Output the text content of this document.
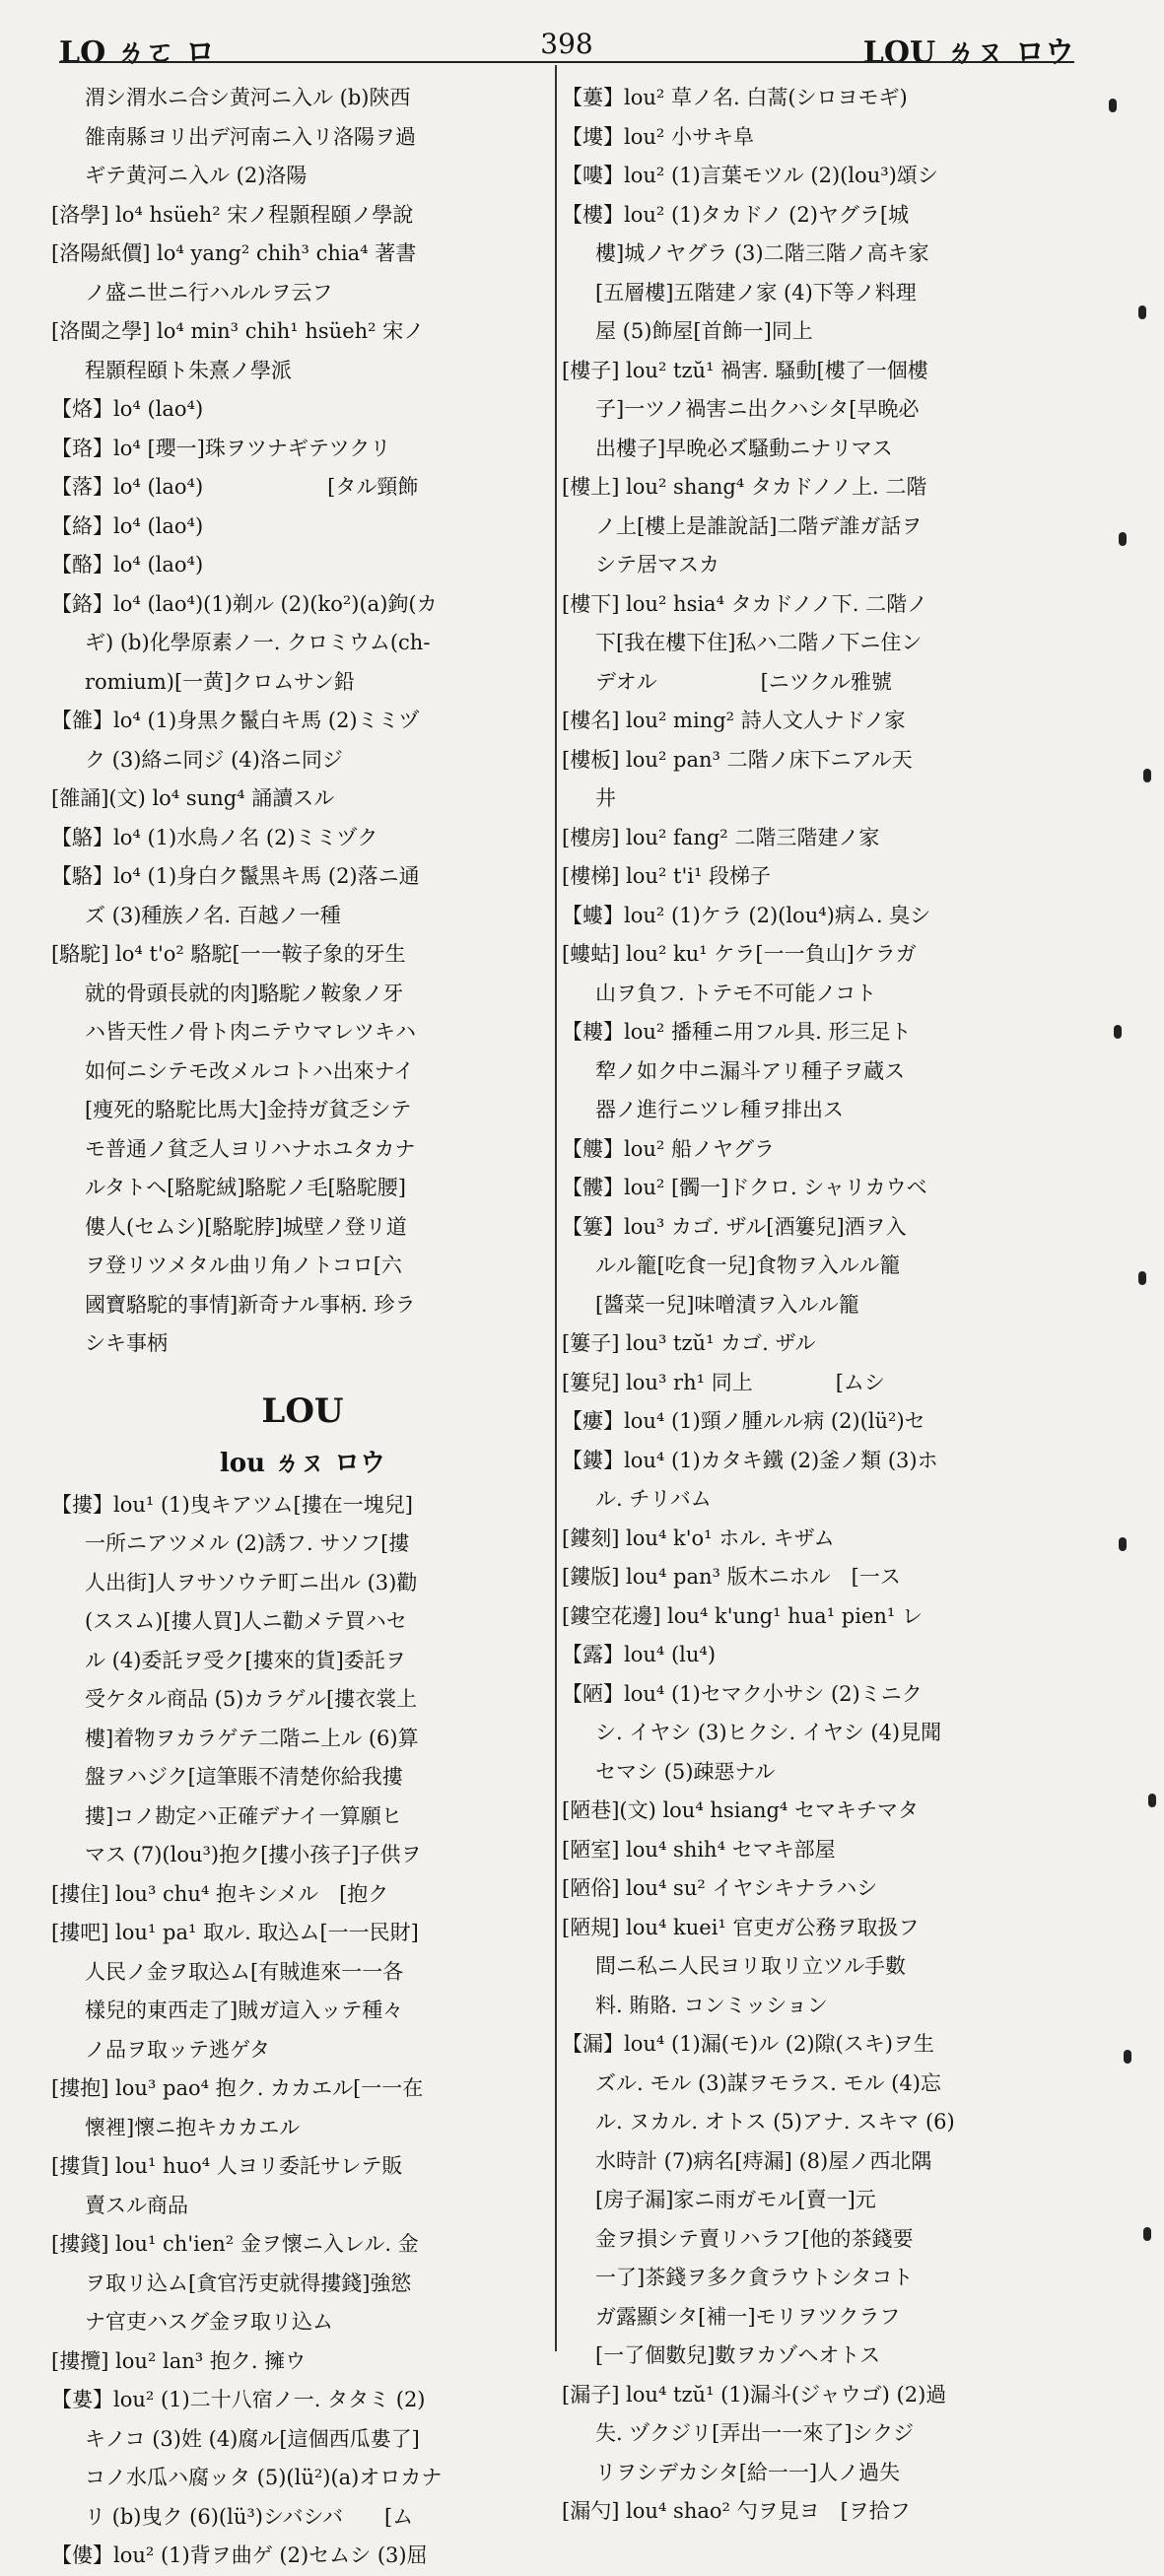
LO ㄌㄛ ロ	398	LOU ㄌㄡ ロウ
渭シ渭水ニ合シ黄河ニ入ル (b)陝西
雒南縣ヨリ出デ河南ニ入リ洛陽ヲ過
ギテ黄河ニ入ル (2)洛陽
[洛學] lo⁴ hsüeh² 宋ノ程顥程頤ノ學說
[洛陽紙價] lo⁴ yang² chih³ chia⁴ 著書
ノ盛ニ世ニ行ハルルヲ云フ
[洛閩之學] lo⁴ min³ chih¹ hsüeh² 宋ノ
程顥程頤ト朱熹ノ學派
【烙】lo⁴ (lao⁴)
【珞】lo⁴ [瓔一]珠ヲツナギテツクリ
【落】lo⁴ (lao⁴)　　　　　　[タル頸飾
【絡】lo⁴ (lao⁴)
【酪】lo⁴ (lao⁴)
【鉻】lo⁴ (lao⁴)(1)剃ル (2)(ko²)(a)鉤(カ
ギ) (b)化學原素ノ一. クロミウム(ch-
romium)[一黄]クロムサン鉛
【雒】lo⁴ (1)身黒ク鬣白キ馬 (2)ミミヅ
ク (3)絡ニ同ジ (4)洛ニ同ジ
[雒誦](文) lo⁴ sung⁴ 誦讀スル
【鴼】lo⁴ (1)水鳥ノ名 (2)ミミヅク
【駱】lo⁴ (1)身白ク鬣黒キ馬 (2)落ニ通
ズ (3)種族ノ名. 百越ノ一種
[駱駝] lo⁴ t'o² 駱駝[一一鞍子象的牙生
就的骨頭長就的肉]駱駝ノ鞍象ノ牙
ハ皆天性ノ骨ト肉ニテウマレツキハ
如何ニシテモ改メルコトハ出來ナイ
[痩死的駱駝比馬大]金持ガ貧乏シテ
モ普通ノ貧乏人ヨリハナホユタカナ
ルタトヘ[駱駝絨]駱駝ノ毛[駱駝腰]
僂人(セムシ)[駱駝脖]城壁ノ登リ道
ヲ登リツメタル曲リ角ノトコロ[六
國寶駱駝的事情]新奇ナル事柄. 珍ラ
シキ事柄
LOU
lou ㄌㄡ ロウ
【摟】lou¹ (1)曳キアツム[摟在一塊兒]
一所ニアツメル (2)誘フ. サソフ[摟
人出街]人ヲサソウテ町ニ出ル (3)勸
(ススム)[摟人買]人ニ勸メテ買ハセ
ル (4)委託ヲ受ク[摟來的貨]委託ヲ
受ケタル商品 (5)カラゲル[摟衣裳上
樓]着物ヲカラゲテ二階ニ上ル (6)算
盤ヲハジク[這筆賬不清楚你給我摟
摟]コノ勘定ハ正確デナイ一算願ヒ
マス (7)(lou³)抱ク[摟小孩子]子供ヲ
[摟住] lou³ chu⁴ 抱キシメル　[抱ク
[摟吧] lou¹ pa¹ 取ル. 取込ム[一一民財]
人民ノ金ヲ取込ム[有賊進來一一各
樣兒的東西走了]賊ガ這入ッテ種々
ノ品ヲ取ッテ逃ゲタ
[摟抱] lou³ pao⁴ 抱ク. カカエル[一一在
懷裡]懷ニ抱キカカエル
[摟貨] lou¹ huo⁴ 人ヨリ委託サレテ販
賣スル商品
[摟錢] lou¹ ch'ien² 金ヲ懷ニ入レル. 金
ヲ取リ込ム[貪官汚吏就得摟錢]強慾
ナ官吏ハスグ金ヲ取リ込ム
[摟攬] lou² lan³ 抱ク. 擁ウ
【婁】lou² (1)二十八宿ノ一. タタミ (2)
キノコ (3)姓 (4)腐ル[這個西瓜婁了]
コノ水瓜ハ腐ッタ (5)(lü²)(a)オロカナ
リ (b)曳ク (6)(lü³)シバシバ　　[ム
【僂】lou² (1)背ヲ曲ゲ (2)セムシ (3)屈
【蔞】lou² 草ノ名. 白蒿(シロヨモギ)
【塿】lou² 小サキ阜
【嘍】lou² (1)言葉モツル (2)(lou³)頌シ
【樓】lou² (1)タカドノ (2)ヤグラ[城
樓]城ノヤグラ (3)二階三階ノ高キ家
[五層樓]五階建ノ家 (4)下等ノ料理
屋 (5)飾屋[首飾一]同上
[樓子] lou² tzŭ¹ 禍害. 騷動[樓了一個樓
子]一ツノ禍害ニ出クハシタ[早晩必
出樓子]早晩必ズ騷動ニナリマス
[樓上] lou² shang⁴ タカドノノ上. 二階
ノ上[樓上是誰說話]二階デ誰ガ話ヲ
シテ居マスカ
[樓下] lou² hsia⁴ タカドノノ下. 二階ノ
下[我在樓下住]私ハ二階ノ下ニ住ン
デオル　　　　　[ニツクル雅號
[樓名] lou² ming² 詩人文人ナドノ家
[樓板] lou² pan³ 二階ノ床下ニアル天
井
[樓房] lou² fang² 二階三階建ノ家
[樓梯] lou² t'i¹ 段梯子
【螻】lou² (1)ケラ (2)(lou⁴)病ム. 臭シ
[螻蛄] lou² ku¹ ケラ[一一負山]ケラガ
山ヲ負フ. トテモ不可能ノコト
【耬】lou² 播種ニ用フル具. 形三足ト
犂ノ如ク中ニ漏斗アリ種子ヲ蔵ス
器ノ進行ニツレ種ヲ排出ス
【艛】lou² 船ノヤグラ
【髏】lou² [髑一]ドクロ. シャリカウベ
【簍】lou³ カゴ. ザル[酒簍兒]酒ヲ入
ルル籠[吃食一兒]食物ヲ入ルル籠
[醬菜一兒]味噌漬ヲ入ルル籠
[簍子] lou³ tzŭ¹ カゴ. ザル
[簍兒] lou³ rh¹ 同上　　　　[ムシ
【瘻】lou⁴ (1)頸ノ腫ルル病 (2)(lü²)セ
【鏤】lou⁴ (1)カタキ鐵 (2)釜ノ類 (3)ホ
ル. チリバム
[鏤刻] lou⁴ k'o¹ ホル. キザム
[鏤版] lou⁴ pan³ 版木ニホル　[一ス
[鏤空花邊] lou⁴ k'ung¹ hua¹ pien¹ レ
【露】lou⁴ (lu⁴)
【陋】lou⁴ (1)セマク小サシ (2)ミニク
シ. イヤシ (3)ヒクシ. イヤシ (4)見聞
セマシ (5)疎惡ナル
[陋巷](文) lou⁴ hsiang⁴ セマキチマタ
[陋室] lou⁴ shih⁴ セマキ部屋
[陋俗] lou⁴ su² イヤシキナラハシ
[陋規] lou⁴ kuei¹ 官吏ガ公務ヲ取扱フ
間ニ私ニ人民ヨリ取リ立ツル手數
料. 賄賂. コンミッション
【漏】lou⁴ (1)漏(モ)ル (2)隙(スキ)ヲ生
ズル. モル (3)謀ヲモラス. モル (4)忘
ル. ヌカル. オトス (5)アナ. スキマ (6)
水時計 (7)病名[痔漏] (8)屋ノ西北隅
[房子漏]家ニ雨ガモル[賣一]元
金ヲ損シテ賣リハラフ[他的茶錢要
一了]茶錢ヲ多ク貪ラウトシタコト
ガ露顯シタ[補一]モリヲツクラフ
[一了個數兒]數ヲカゾヘオトス
[漏子] lou⁴ tzŭ¹ (1)漏斗(ジャウゴ) (2)過
失. ヅクジリ[弄出一一來了]シクジ
リヲシデカシタ[給一一]人ノ過失
[漏勺] lou⁴ shao² 勺ヲ見ヨ　[ヲ拾フ
